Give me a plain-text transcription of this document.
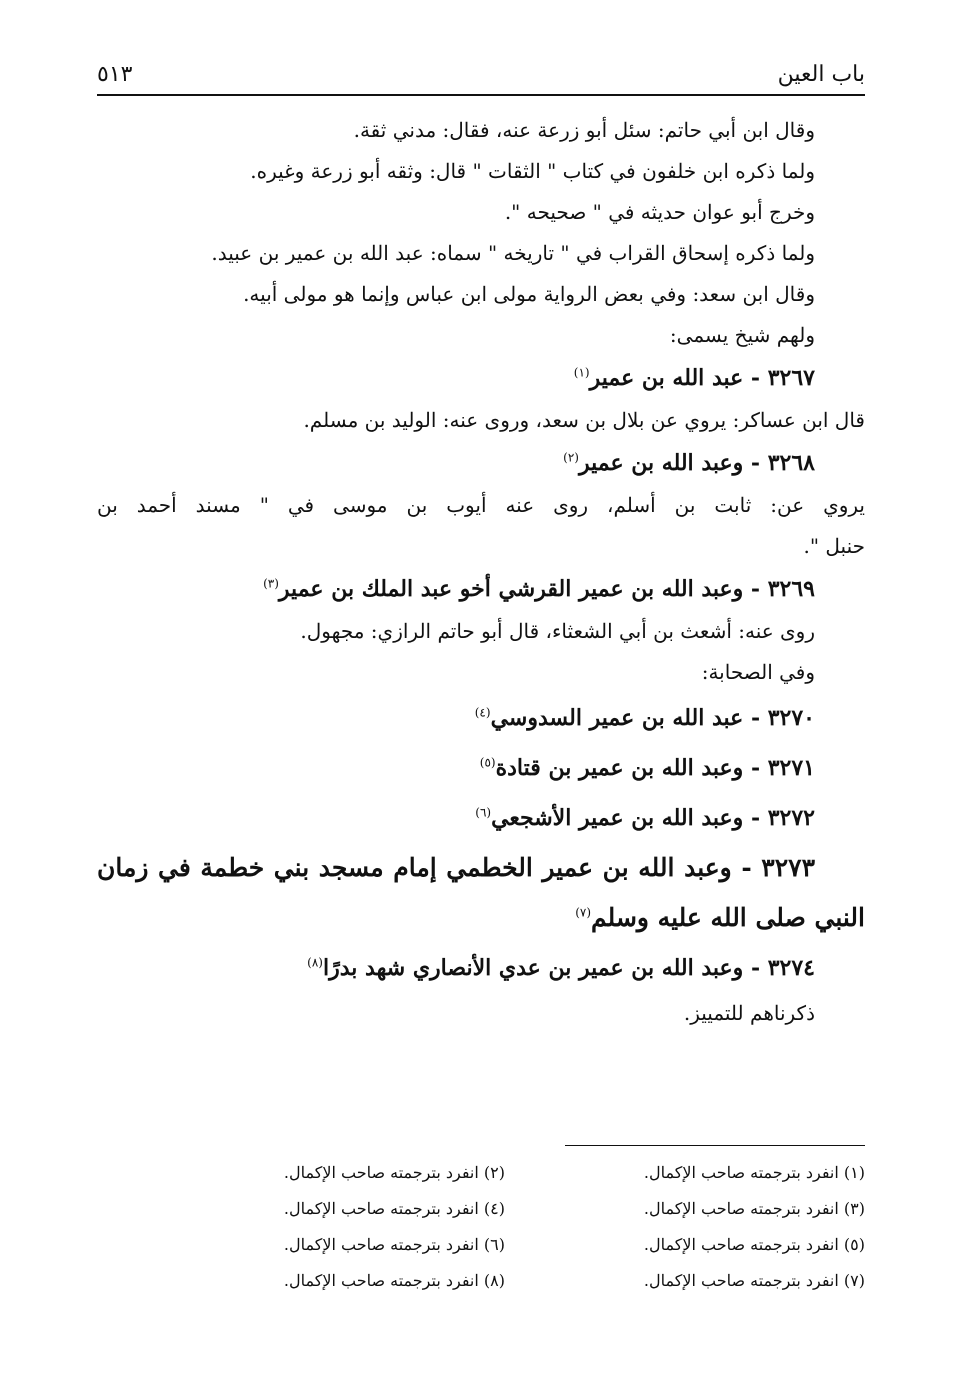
باب العين
٥١٣
وقال ابن أبي حاتم: سئل أبو زرعة عنه، فقال: مدني ثقة.
ولما ذكره ابن خلفون في كتاب " الثقات " قال: وثقه أبو زرعة وغيره.
وخرج أبو عوان حديثه في " صحيحه ".
ولما ذكره إسحاق القراب في " تاريخه " سماه: عبد الله بن عمير بن عبيد.
وقال ابن سعد: وفي بعض الرواية مولى ابن عباس وإنما هو مولى أبيه.
ولهم شيخ يسمى:
٣٢٦٧ - عبد الله بن عمير$^{(١)}$
قال ابن عساكر: يروي عن بلال بن سعد، وروى عنه: الوليد بن مسلم.
٣٢٦٨ - وعبد الله بن عمير$^{(٢)}$
يروي عن: ثابت بن أسلم، روى عنه أيوب بن موسى في " مسند أحمد بن
حنبل ".
٣٢٦٩ - وعبد الله بن عمير القرشي أخو عبد الملك بن عمير$^{(٣)}$
روى عنه: أشعث بن أبي الشعثاء، قال أبو حاتم الرازي: مجهول.
وفي الصحابة:
٣٢٧٠ - عبد الله بن عمير السدوسي$^{(٤)}$
٣٢٧١ - وعبد الله بن عمير بن قتادة$^{(٥)}$
٣٢٧٢ - وعبد الله بن عمير الأشجعي$^{(٦)}$
٣٢٧٣ - وعبد الله بن عمير الخطمي إمام مسجد بني خطمة في زمان
النبي صلى الله عليه وسلم$^{(٧)}$
٣٢٧٤ - وعبد الله بن عمير بن عدي الأنصاري شهد بدرًا$^{(٨)}$
ذكرناهم للتمييز.
(١) انفرد بترجمته صاحب الإكمال.
(٢) انفرد بترجمته صاحب الإكمال.
(٣) انفرد بترجمته صاحب الإكمال.
(٤) انفرد بترجمته صاحب الإكمال.
(٥) انفرد بترجمته صاحب الإكمال.
(٦) انفرد بترجمته صاحب الإكمال.
(٧) انفرد بترجمته صاحب الإكمال.
(٨) انفرد بترجمته صاحب الإكمال.
